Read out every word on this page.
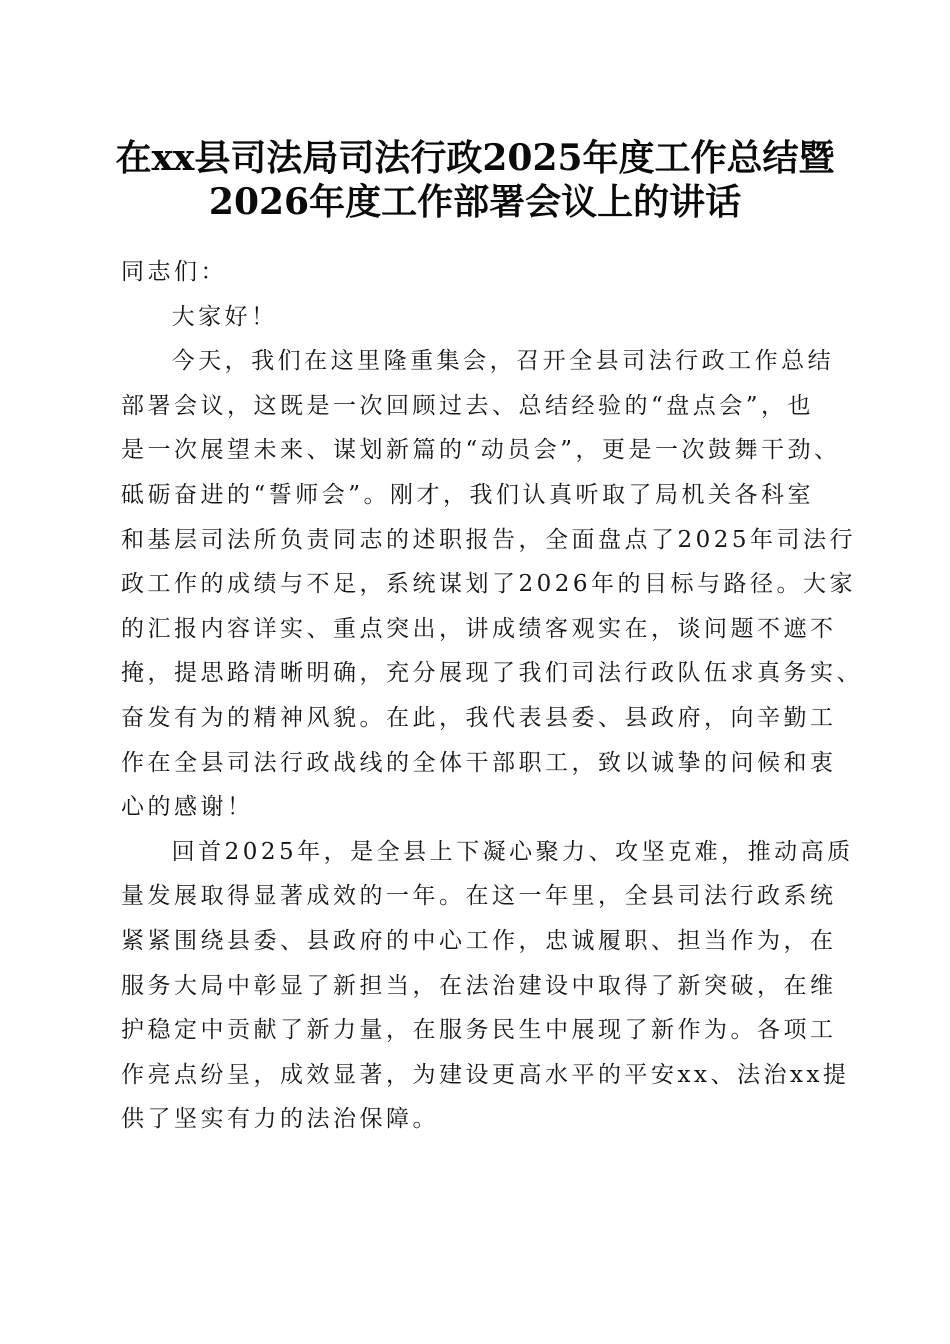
在xx县司法局司法行政2025年度工作总结暨
2026年度工作部署会议上的讲话

同志们：

大家好！

今天，我们在这里隆重集会，召开全县司法行政工作总结
部署会议，这既是一次回顾过去、总结经验的“盘点会”，也
是一次展望未来、谋划新篇的“动员会”，更是一次鼓舞干劲、
砥砺奋进的“誓师会”。刚才，我们认真听取了局机关各科室
和基层司法所负责同志的述职报告，全面盘点了2025年司法行
政工作的成绩与不足，系统谋划了2026年的目标与路径。大家
的汇报内容详实、重点突出，讲成绩客观实在，谈问题不遮不
掩，提思路清晰明确，充分展现了我们司法行政队伍求真务实、
奋发有为的精神风貌。在此，我代表县委、县政府，向辛勤工
作在全县司法行政战线的全体干部职工，致以诚挚的问候和衷
心的感谢！

回首2025年，是全县上下凝心聚力、攻坚克难，推动高质
量发展取得显著成效的一年。在这一年里，全县司法行政系统
紧紧围绕县委、县政府的中心工作，忠诚履职、担当作为，在
服务大局中彰显了新担当，在法治建设中取得了新突破，在维
护稳定中贡献了新力量，在服务民生中展现了新作为。各项工
作亮点纷呈，成效显著，为建设更高水平的平安xx、法治xx提
供了坚实有力的法治保障。
